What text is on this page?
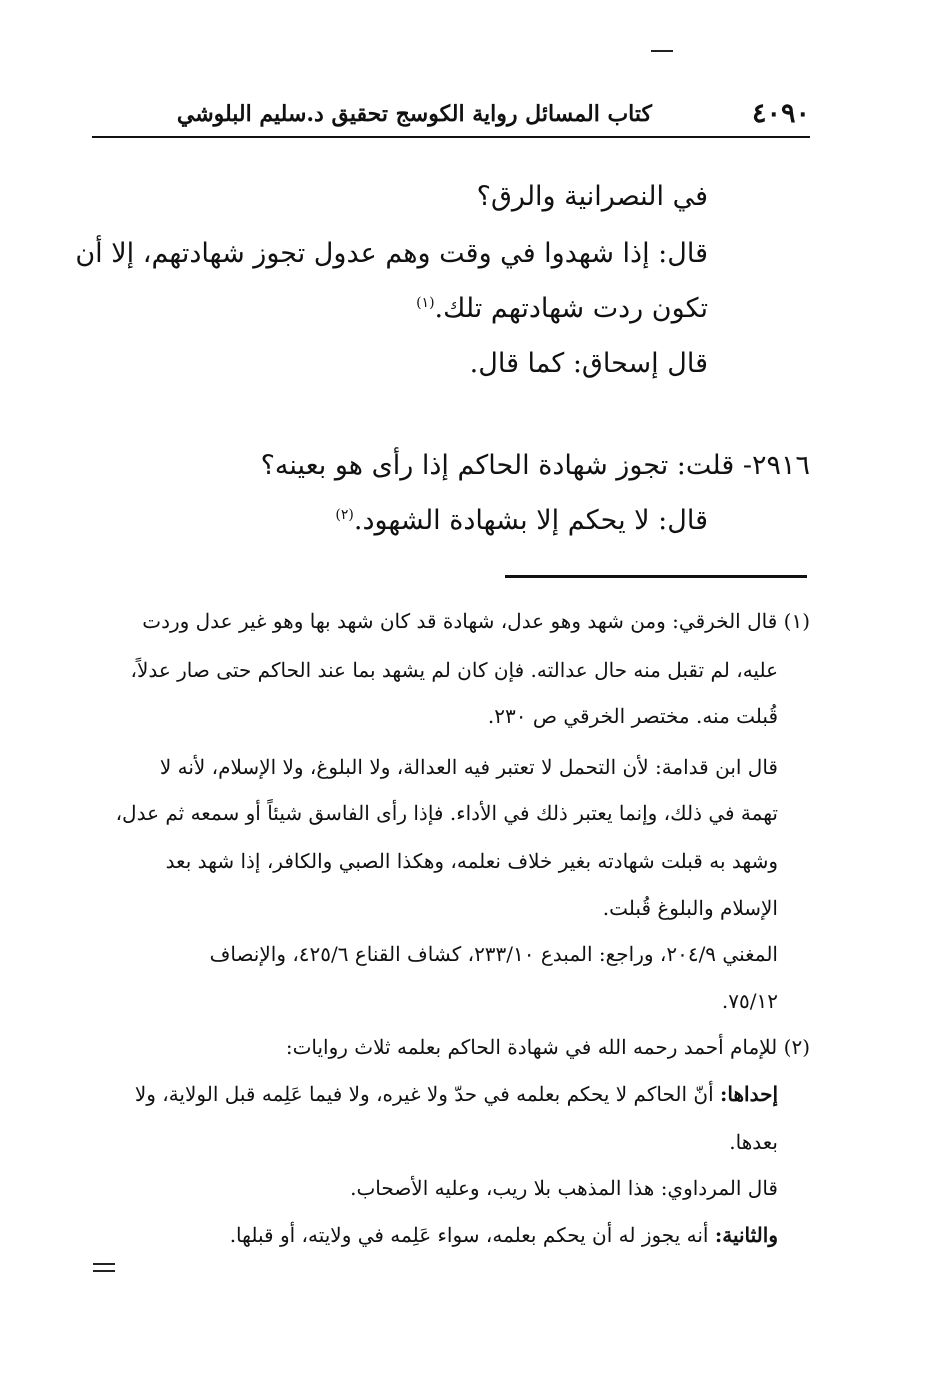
٤٠٩٠
كتاب المسائل رواية الكوسج تحقيق د.سليم البلوشي
في النصرانية والرق؟
قال: إذا شهدوا في وقت وهم عدول تجوز شهادتهم، إلا أن
تكون ردت شهادتهم تلك.$^{(١)}$
قال إسحاق: كما قال.
٢٩١٦- قلت: تجوز شهادة الحاكم إذا رأى هو بعينه؟
قال: لا يحكم إلا بشهادة الشهود.$^{(٢)}$
(١) قال الخرقي: ومن شهد وهو عدل، شهادة قد كان شهد بها وهو غير عدل وردت
عليه، لم تقبل منه حال عدالته. فإن كان لم يشهد بما عند الحاكم حتى صار عدلاً،
قُبلت منه. مختصر الخرقي ص ٢٣٠.
قال ابن قدامة: لأن التحمل لا تعتبر فيه العدالة، ولا البلوغ، ولا الإسلام، لأنه لا
تهمة في ذلك، وإنما يعتبر ذلك في الأداء. فإذا رأى الفاسق شيئاً أو سمعه ثم عدل،
وشهد به قبلت شهادته بغير خلاف نعلمه، وهكذا الصبي والكافر، إذا شهد بعد
الإسلام والبلوغ قُبلت.
المغني ٢٠٤/٩، وراجع: المبدع ٢٣٣/١٠، كشاف القناع ٤٢٥/٦، والإنصاف
٧٥/١٢.
(٢) للإمام أحمد رحمه الله في شهادة الحاكم بعلمه ثلاث روايات:
إحداها: أنّ الحاكم لا يحكم بعلمه في حدّ ولا غيره، ولا فيما عَلِمه قبل الولاية، ولا
بعدها.
قال المرداوي: هذا المذهب بلا ريب، وعليه الأصحاب.
والثانية: أنه يجوز له أن يحكم بعلمه، سواء عَلِمه في ولايته، أو قبلها.
